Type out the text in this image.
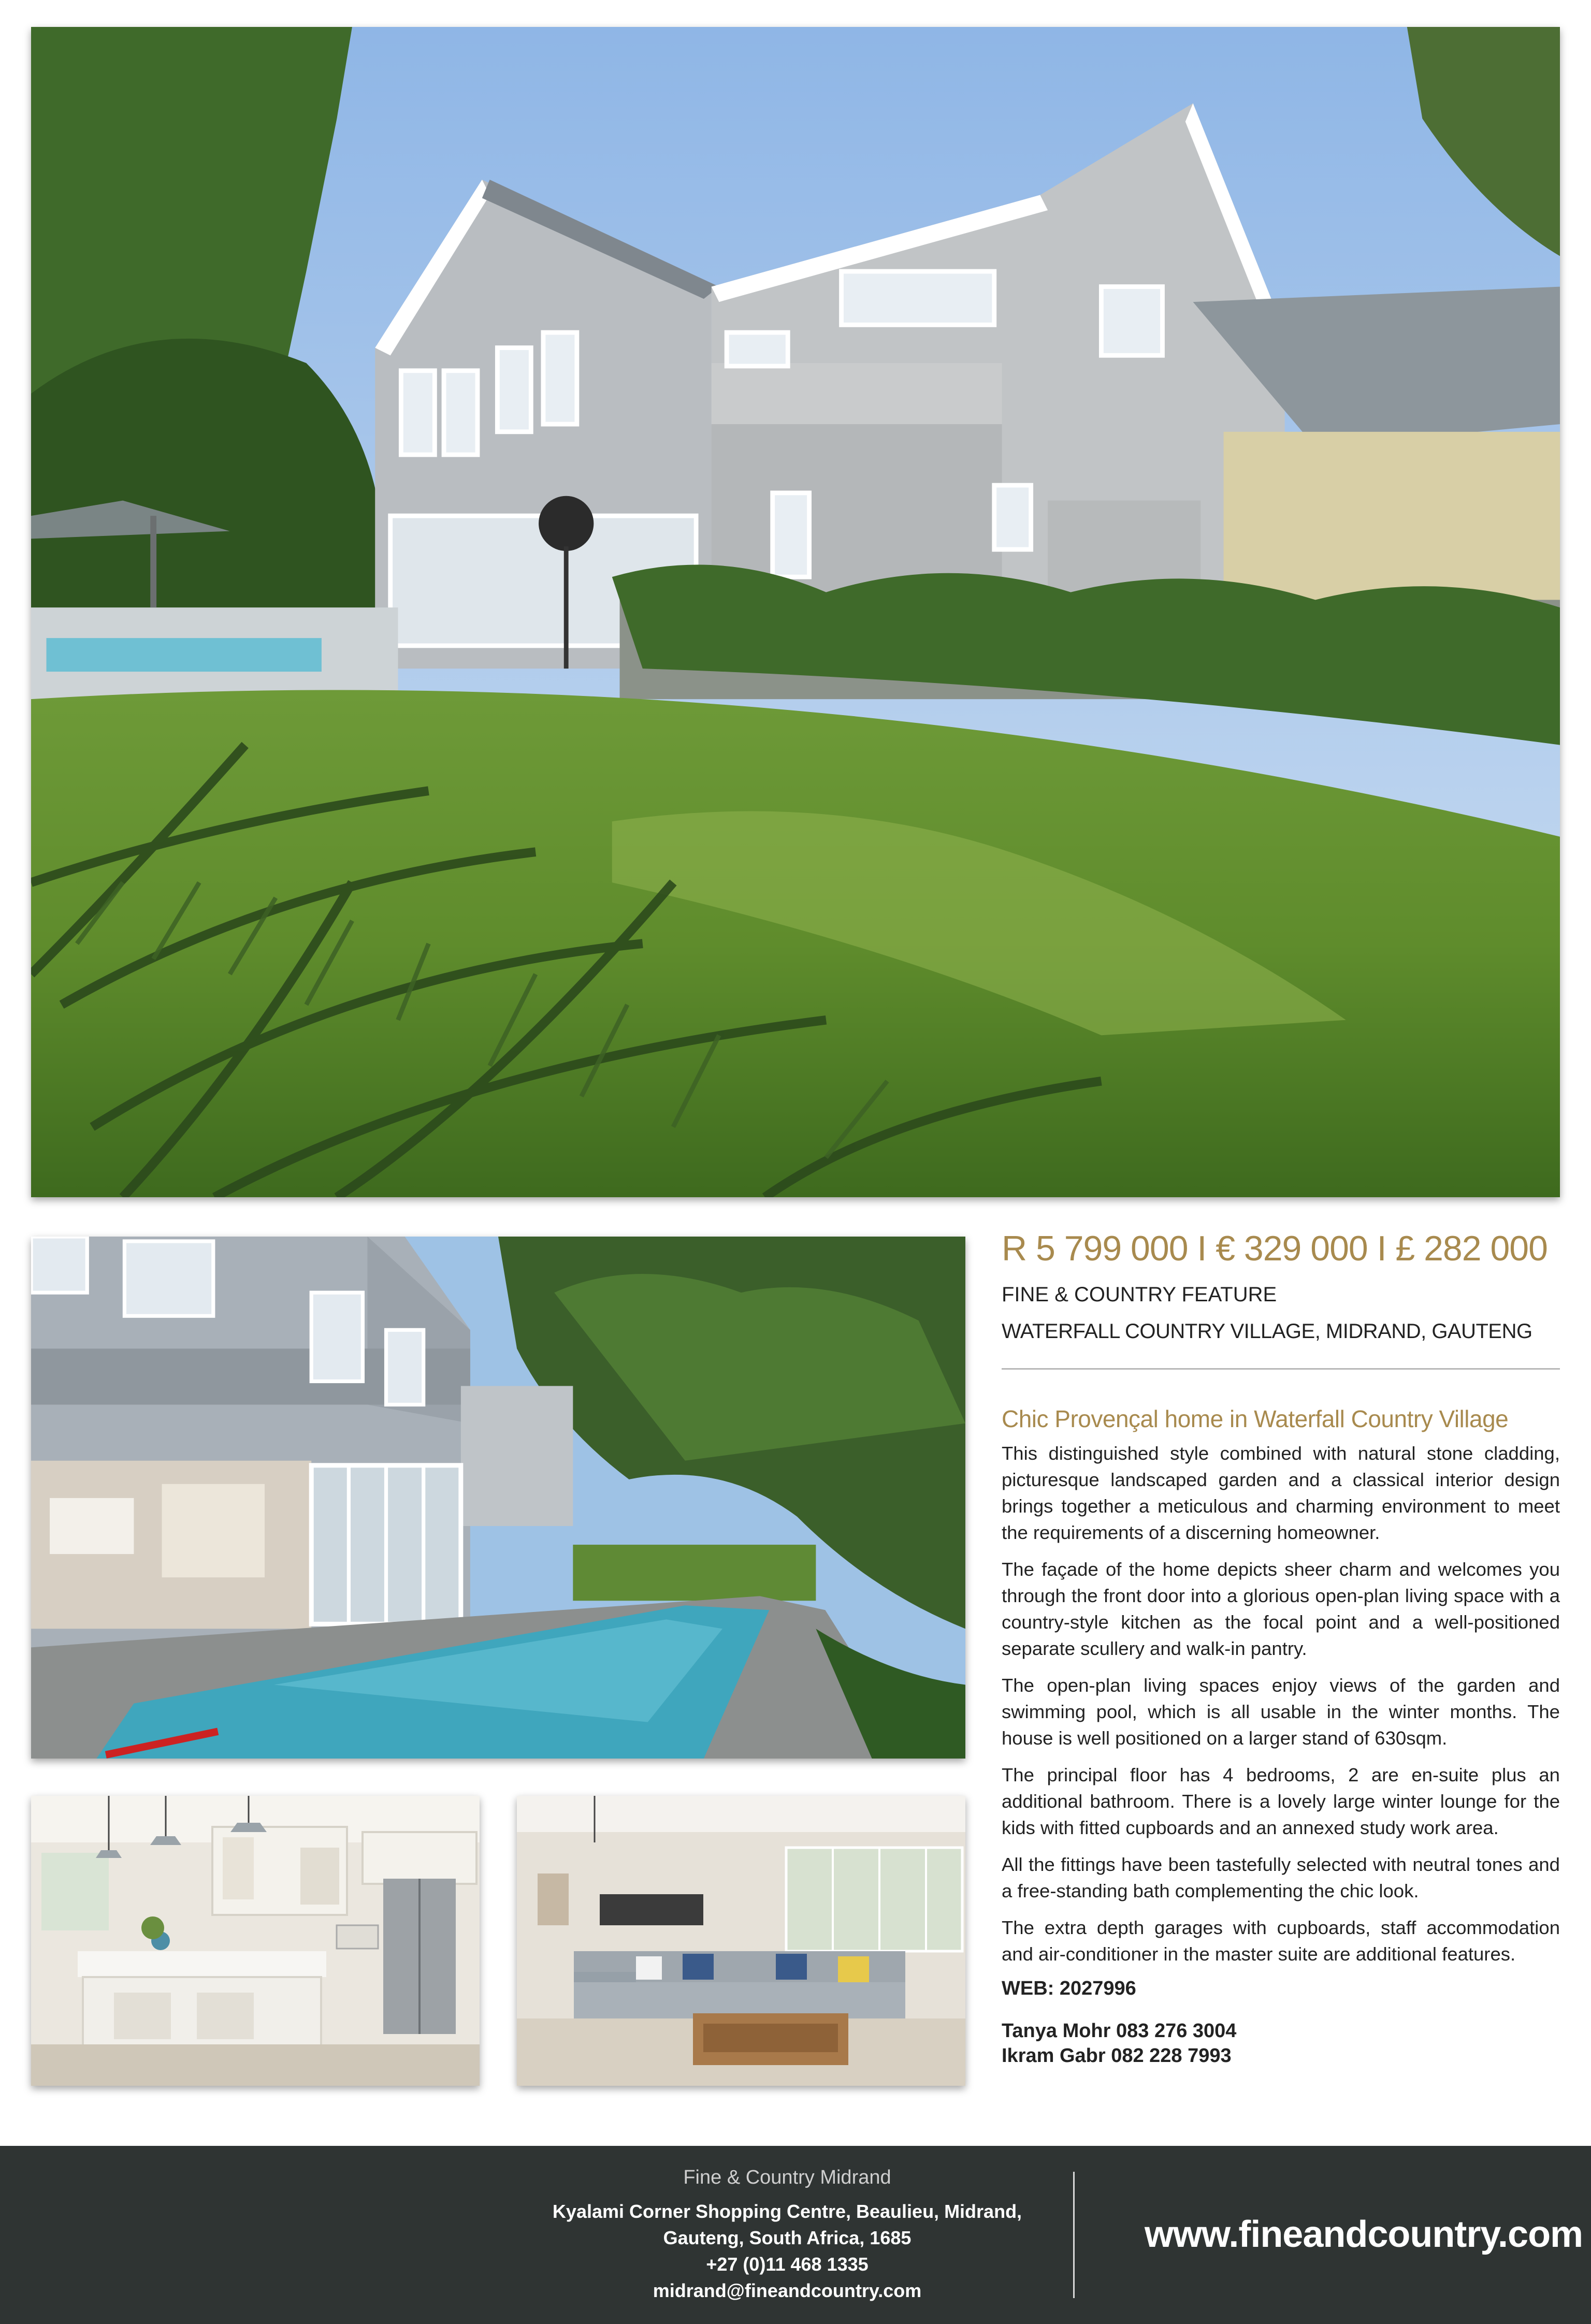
R 5 799 000 I € 329 000 I £ 282 000
FINE & COUNTRY FEATURE
WATERFALL COUNTRY VILLAGE, MIDRAND, GAUTENG
Chic Provençal home in Waterfall Country Village

This distinguished style combined with natural stone cladding, picturesque landscaped garden and a classical interior design brings together a meticulous and charming environment to meet the requirements of a discerning homeowner.

The façade of the home depicts sheer charm and welcomes you through the front door into a glorious open-plan living space with a country-style kitchen as the focal point and a well-positioned separate scullery and walk-in pantry.

The open-plan living spaces enjoy views of the garden and swimming pool, which is all usable in the winter months. The house is well positioned on a larger stand of 630sqm.

The principal floor has 4 bedrooms, 2 are en-suite plus an additional bathroom. There is a lovely large winter lounge for the kids with fitted cupboards and an annexed study work area.

All the fittings have been tastefully selected with neutral tones and a free-standing bath complementing the chic look.

The extra depth garages with cupboards, staff accommodation and air-conditioner in the master suite are additional features.

WEB: 2027996
Tanya Mohr 083 276 3004
Ikram Gabr 082 228 7993
Fine & Country Midrand
Kyalami Corner Shopping Centre, Beaulieu, Midrand,
Gauteng, South Africa, 1685
+27 (0)11 468 1335
midrand@fineandcountry.com
www.fineandcountry.com
